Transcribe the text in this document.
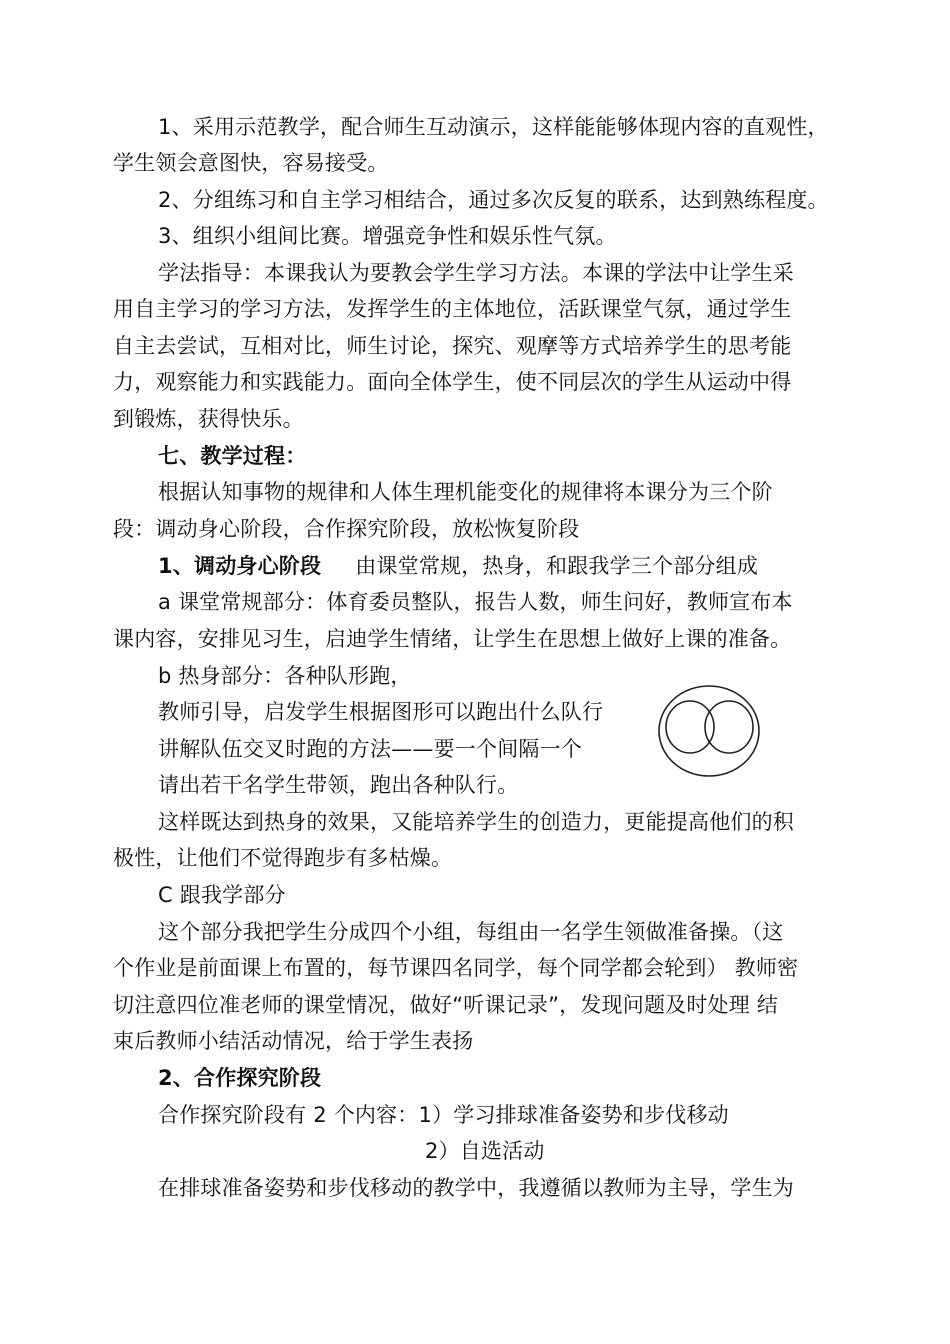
1、采用示范教学，配合师生互动演示，这样能能够体现内容的直观性，
学生领会意图快，容易接受。
2、分组练习和自主学习相结合，通过多次反复的联系，达到熟练程度。
3、组织小组间比赛。增强竞争性和娱乐性气氛。
学法指导：本课我认为要教会学生学习方法。本课的学法中让学生采
用自主学习的学习方法，发挥学生的主体地位，活跃课堂气氛，通过学生
自主去尝试，互相对比，师生讨论，探究、观摩等方式培养学生的思考能
力，观察能力和实践能力。面向全体学生，使不同层次的学生从运动中得
到锻炼，获得快乐。
七、教学过程：
根据认知事物的规律和人体生理机能变化的规律将本课分为三个阶
段：调动身心阶段，合作探究阶段，放松恢复阶段
1、调动身心阶段 由课堂常规，热身，和跟我学三个部分组成
a 课堂常规部分：体育委员整队，报告人数，师生问好，教师宣布本
课内容，安排见习生，启迪学生情绪，让学生在思想上做好上课的准备。
b 热身部分：各种队形跑，
教师引导，启发学生根据图形可以跑出什么队行
讲解队伍交叉时跑的方法——要一个间隔一个
请出若干名学生带领，跑出各种队行。
这样既达到热身的效果，又能培养学生的创造力，更能提高他们的积
极性，让他们不觉得跑步有多枯燥。
C 跟我学部分
这个部分我把学生分成四个小组，每组由一名学生领做准备操。（这
个作业是前面课上布置的，每节课四名同学，每个同学都会轮到） 教师密
切注意四位准老师的课堂情况，做好“听课记录”，发现问题及时处理 结
束后教师小结活动情况，给于学生表扬
2、合作探究阶段
合作探究阶段有 2 个内容：1）学习排球准备姿势和步伐移动
2）自选活动
在排球准备姿势和步伐移动的教学中，我遵循以教师为主导，学生为
